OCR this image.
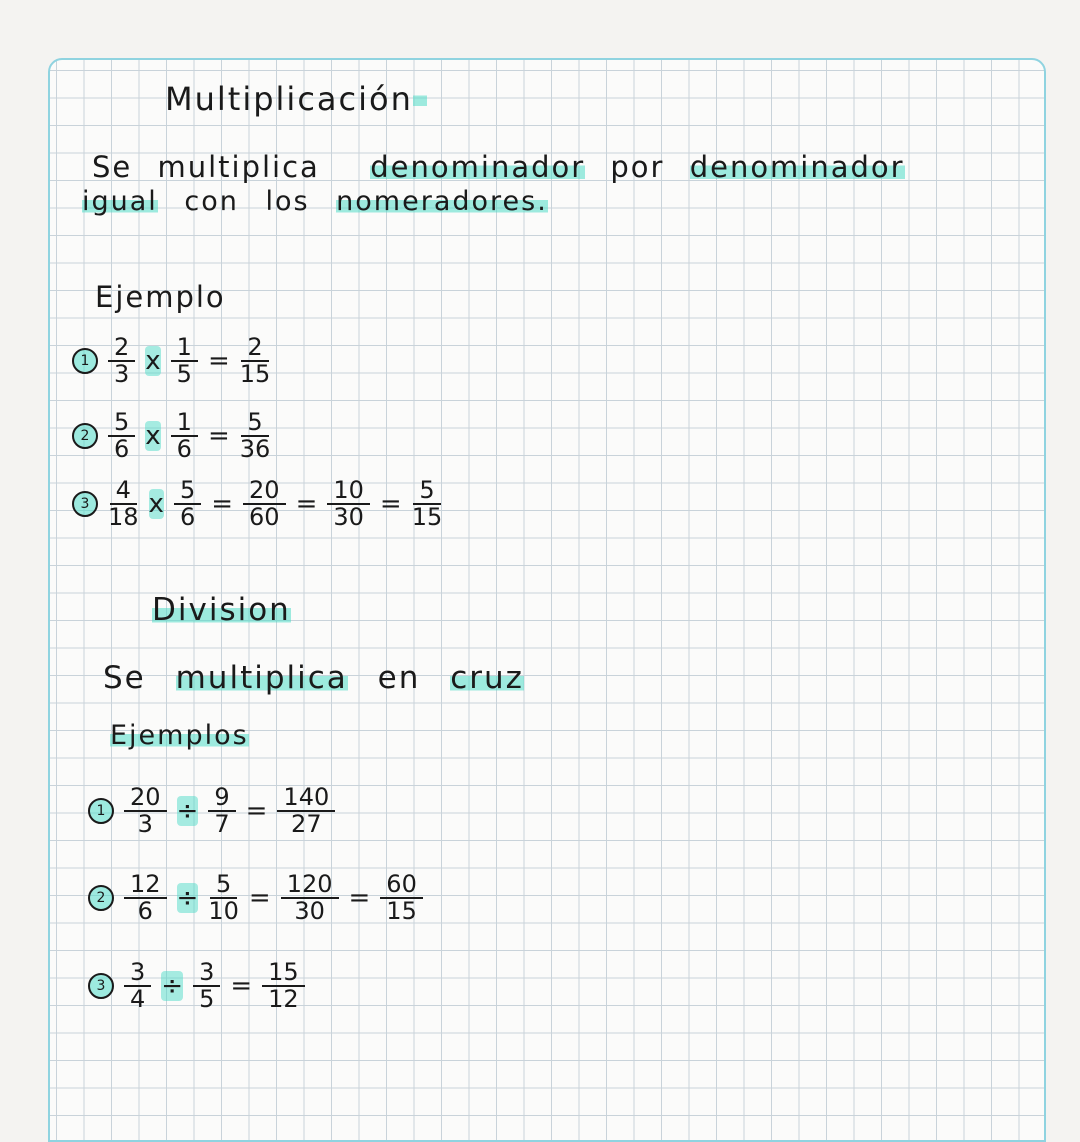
Multiplicación
Se multiplica denominador por denominador
igual con los nomeradores.
Ejemplo
$1 \frac{2}{3}$ x $\frac{1}{5} = \frac{2}{15}$
$2 \frac{5}{6}$ x $\frac{1}{6} = \frac{5}{36}$
$3 \frac{4}{18}$ x $\frac{5}{6} = \frac{20}{60} = \frac{10}{30} = \frac{5}{15}$
Division
Se multiplica en cruz
Ejemplos
$1 \frac{20}{3} \div \frac{9}{7} = \frac{140}{27}$
$2 \frac{12}{6} \div \frac{5}{10} = \frac{120}{30} = \frac{60}{15}$
$3 \frac{3}{4} \div \frac{3}{5} = \frac{15}{12}$
